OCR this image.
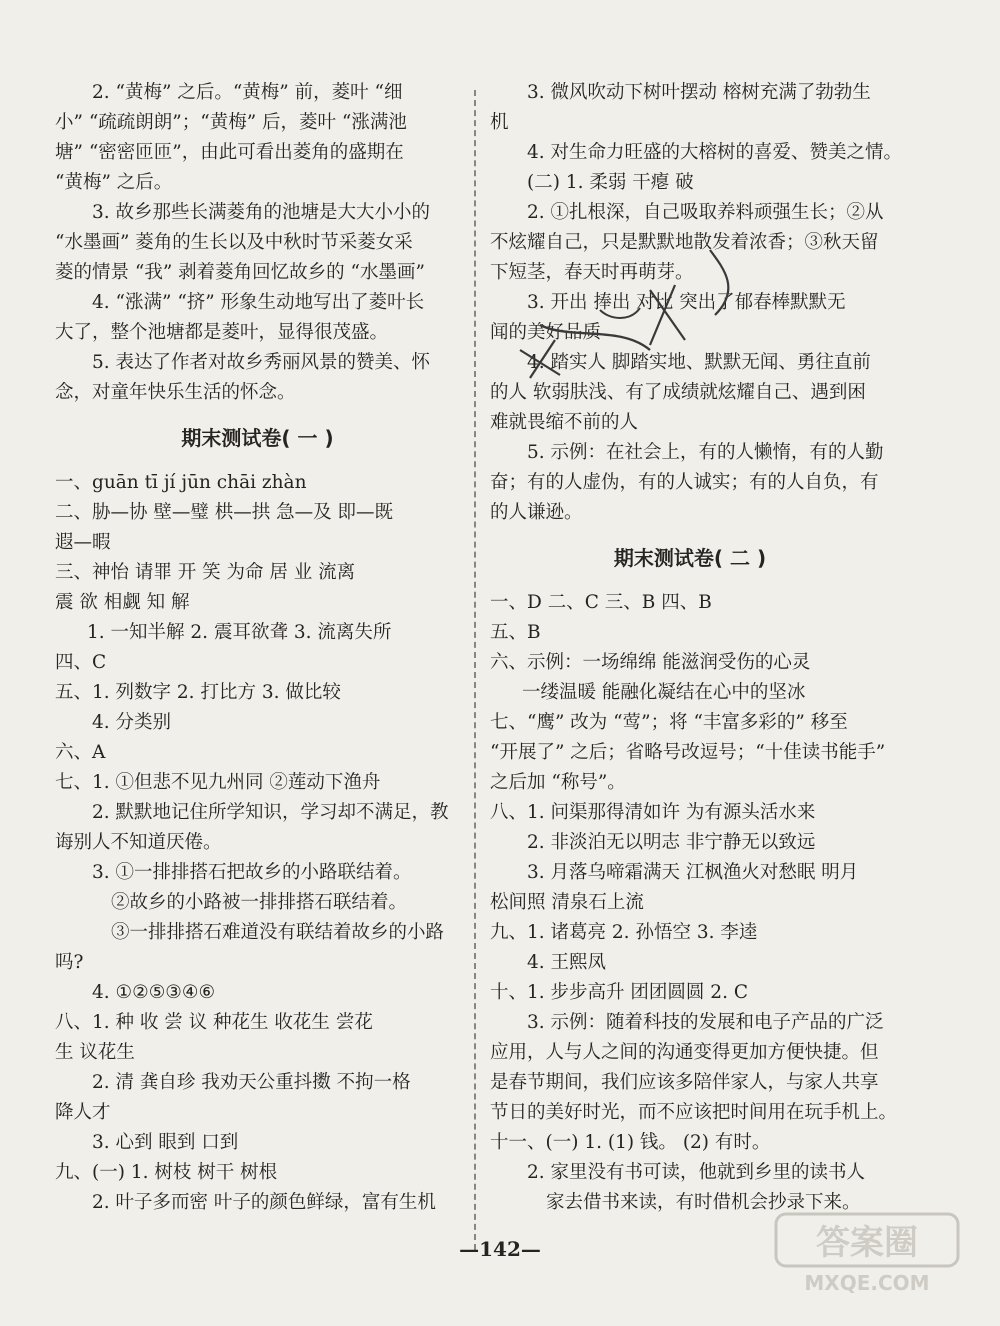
2. “黄梅” 之后。“黄梅” 前，菱叶 “细
小” “疏疏朗朗”；“黄梅” 后，菱叶 “涨满池
塘” “密密匝匝”，由此可看出菱角的盛期在
“黄梅” 之后。
3. 故乡那些长满菱角的池塘是大大小小的
“水墨画” 菱角的生长以及中秋时节采菱女采
菱的情景 “我” 剥着菱角回忆故乡的 “水墨画”
4. “涨满” “挤” 形象生动地写出了菱叶长
大了，整个池塘都是菱叶，显得很茂盛。
5. 表达了作者对故乡秀丽风景的赞美、怀
念，对童年快乐生活的怀念。
期末测试卷( 一 )
一、guān tī jí jūn chāi zhàn
二、胁—协 壁—璧 栱—拱 急—及 即—既
遐—暇
三、神怡 请罪 开 笑 为命 居 业 流离
震 欲 相觑 知 解
1. 一知半解 2. 震耳欲聋 3. 流离失所
四、C
五、1. 列数字 2. 打比方 3. 做比较
4. 分类别
六、A
七、1. ①但悲不见九州同 ②莲动下渔舟
2. 默默地记住所学知识，学习却不满足，教
诲别人不知道厌倦。
3. ①一排排搭石把故乡的小路联结着。
②故乡的小路被一排排搭石联结着。
③一排排搭石难道没有联结着故乡的小路
吗?
4. ①②⑤③④⑥
八、1. 种 收 尝 议 种花生 收花生 尝花
生 议花生
2. 清 龚自珍 我劝天公重抖擞 不拘一格
降人才
3. 心到 眼到 口到
九、(一) 1. 树枝 树干 树根
2. 叶子多而密 叶子的颜色鲜绿，富有生机
3. 微风吹动下树叶摆动 榕树充满了勃勃生
机
4. 对生命力旺盛的大榕树的喜爱、赞美之情。
(二) 1. 柔弱 干瘪 破
2. ①扎根深，自己吸取养料顽强生长；②从
不炫耀自己，只是默默地散发着浓香；③秋天留
下短茎，春天时再萌芽。
3. 开出 捧出 对比 突出了郁春棒默默无
闻的美好品质
4. 踏实人 脚踏实地、默默无闻、勇往直前
的人 软弱肤浅、有了成绩就炫耀自己、遇到困
难就畏缩不前的人
5. 示例：在社会上，有的人懒惰，有的人勤
奋；有的人虚伪，有的人诚实；有的人自负，有
的人谦逊。
期末测试卷( 二 )
一、D 二、C 三、B 四、B
五、B
六、示例：一场绵绵 能滋润受伤的心灵
一缕温暖 能融化凝结在心中的坚冰
七、“鹰” 改为 “莺”；将 “丰富多彩的” 移至
“开展了” 之后；省略号改逗号；“十佳读书能手”
之后加 “称号”。
八、1. 问渠那得清如许 为有源头活水来
2. 非淡泊无以明志 非宁静无以致远
3. 月落乌啼霜满天 江枫渔火对愁眠 明月
松间照 清泉石上流
九、1. 诸葛亮 2. 孙悟空 3. 李逵
4. 王熙凤
十、1. 步步高升 团团圆圆 2. C
3. 示例：随着科技的发展和电子产品的广泛
应用，人与人之间的沟通变得更加方便快捷。但
是春节期间，我们应该多陪伴家人，与家人共享
节日的美好时光，而不应该把时间用在玩手机上。
十一、(一) 1. (1) 钱。 (2) 有时。
2. 家里没有书可读，他就到乡里的读书人
家去借书来读，有时借机会抄录下来。
—142—	答案圈
MXQE.COM
